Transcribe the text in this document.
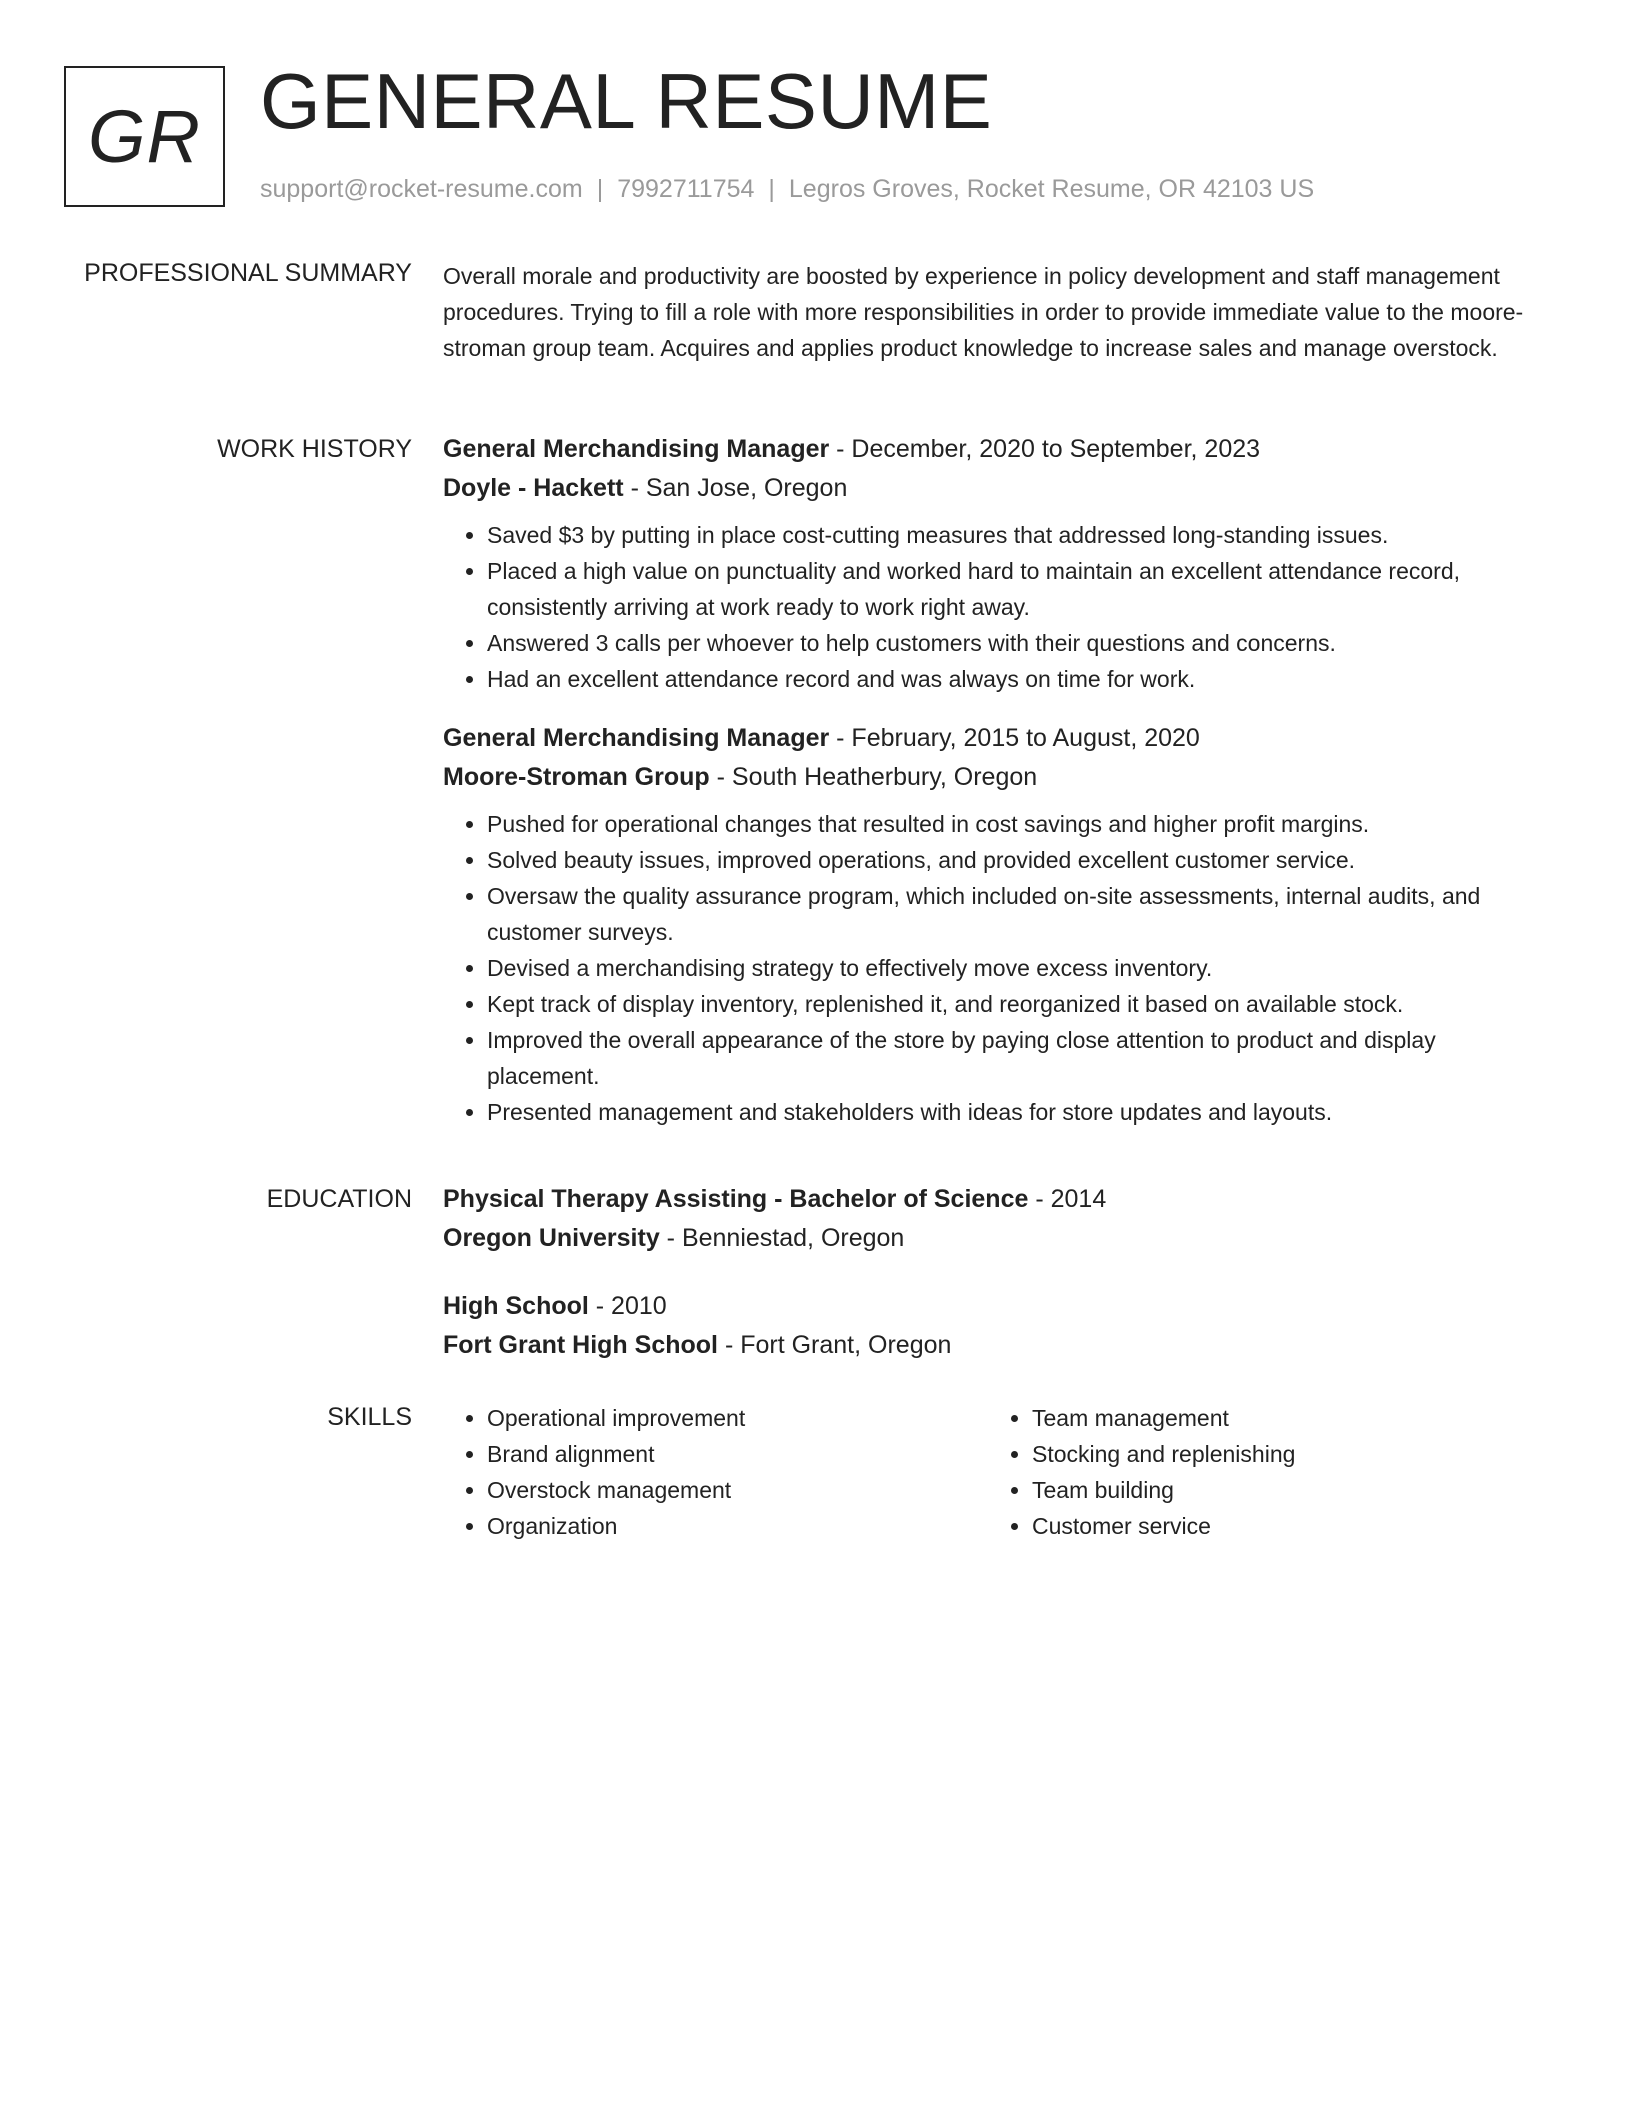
GR GENERAL RESUME
support@rocket-resume.com | 7992711754 | Legros Groves, Rocket Resume, OR 42103 US
PROFESSIONAL SUMMARY Overall morale and productivity are boosted by experience in policy development and staff management procedures. Trying to fill a role with more responsibilities in order to provide immediate value to the moore-stroman group team. Acquires and applies product knowledge to increase sales and manage overstock.

WORK HISTORY General Merchandising Manager - December, 2020 to September, 2023
Doyle - Hackett - San Jose, Oregon
• Saved $3 by putting in place cost-cutting measures that addressed long-standing issues.
• Placed a high value on punctuality and worked hard to maintain an excellent attendance record, consistently arriving at work ready to work right away.
• Answered 3 calls per whoever to help customers with their questions and concerns.
• Had an excellent attendance record and was always on time for work.
General Merchandising Manager - February, 2015 to August, 2020
Moore-Stroman Group - South Heatherbury, Oregon
• Pushed for operational changes that resulted in cost savings and higher profit margins.
• Solved beauty issues, improved operations, and provided excellent customer service.
• Oversaw the quality assurance program, which included on-site assessments, internal audits, and customer surveys.
• Devised a merchandising strategy to effectively move excess inventory.
• Kept track of display inventory, replenished it, and reorganized it based on available stock.
• Improved the overall appearance of the store by paying close attention to product and display placement.
• Presented management and stakeholders with ideas for store updates and layouts.
EDUCATION Physical Therapy Assisting - Bachelor of Science - 2014
Oregon University - Benniestad, Oregon
High School - 2010
Fort Grant High School - Fort Grant, Oregon
SKILLS
•	Operational improvement
• Brand alignment
• Overstock management
• Organization
• Team management
• Stocking and replenishing
• Team building
• Customer service
